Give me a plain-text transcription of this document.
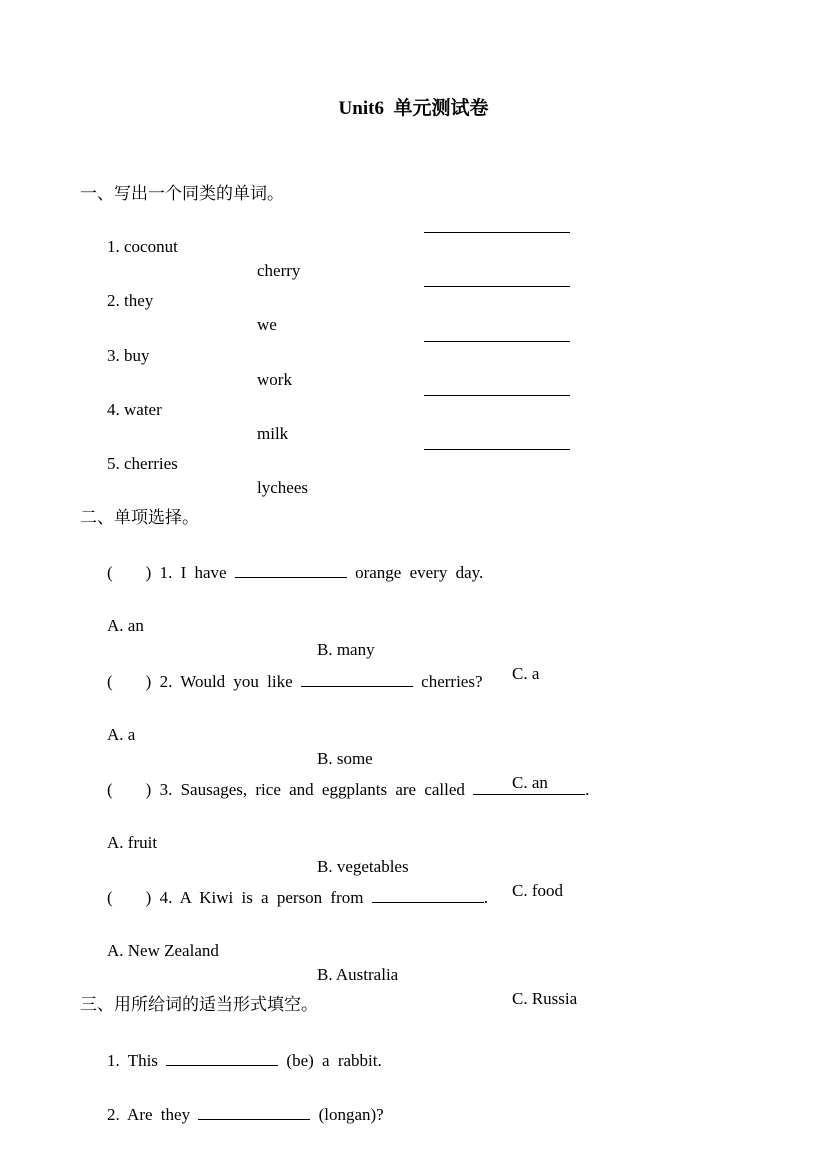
Unit6  单元测试卷

一、写出一个同类的单词。

1. coconut

cherry

2. they

we

3. buy

work

4. water

milk

5. cherries

lychees

二、单项选择。

(    ) 1. I have	orange every day.

A. an

B. many

C. a

(    ) 2. Would you like	cherries?

A. a

B. some

C. an

(    ) 3. Sausages, rice and eggplants are called	.

A. fruit

B. vegetables

C. food

(    ) 4. A Kiwi is a person from	.

A. New Zealand

B. Australia

C. Russia

三、用所给词的适当形式填空。

1. This	(be) a rabbit.

2. Are they	(longan)?
